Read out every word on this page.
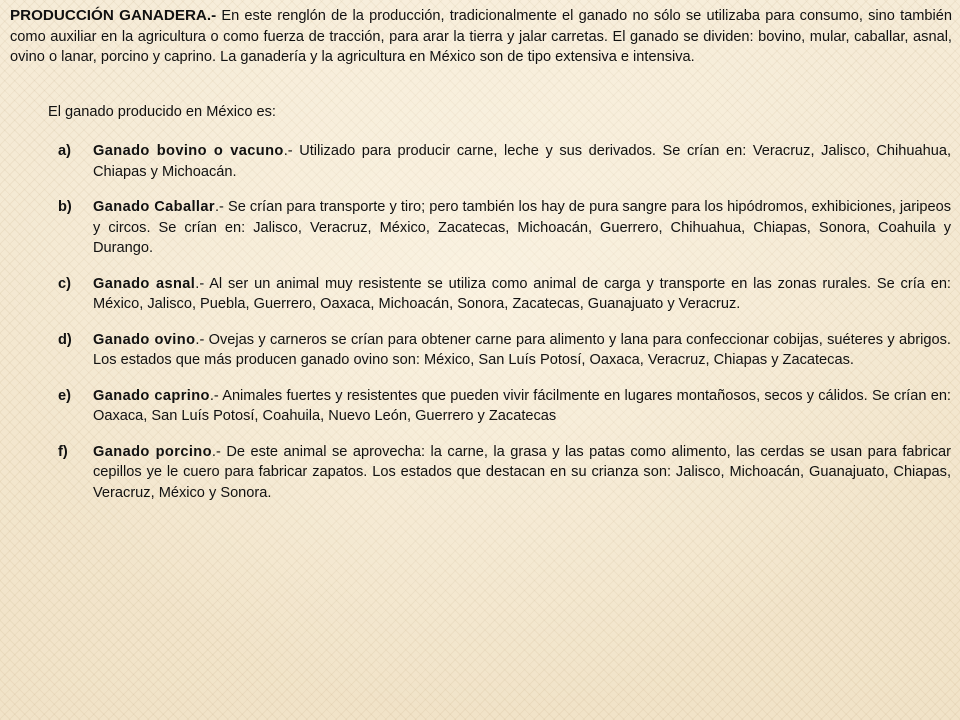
PRODUCCIÓN GANADERA.- En este renglón de la producción, tradicionalmente el ganado no sólo se utilizaba para consumo, sino también como auxiliar en la agricultura o como fuerza de tracción, para arar la tierra y jalar carretas. El ganado se dividen: bovino, mular, caballar, asnal, ovino o lanar, porcino y caprino. La ganadería y la agricultura en México son de tipo extensiva e intensiva.
El ganado producido en México es:
a)	Ganado bovino o vacuno.- Utilizado para producir carne, leche y sus derivados. Se crían en: Veracruz, Jalisco, Chihuahua, Chiapas y Michoacán.
b)	Ganado Caballar.- Se crían para transporte y tiro; pero también los hay de pura sangre para los hipódromos, exhibiciones, jaripeos y circos. Se crían en: Jalisco, Veracruz, México, Zacatecas, Michoacán, Guerrero, Chihuahua, Chiapas, Sonora, Coahuila y Durango.
c)	Ganado asnal.- Al ser un animal muy resistente se utiliza como animal de carga y transporte en las zonas rurales. Se cría en: México, Jalisco, Puebla, Guerrero, Oaxaca, Michoacán, Sonora, Zacatecas, Guanajuato y Veracruz.
d)	Ganado ovino.- Ovejas y carneros se crían para obtener carne para alimento y lana para confeccionar cobijas, suéteres y abrigos. Los estados que más producen ganado ovino son: México, San Luís Potosí, Oaxaca, Veracruz, Chiapas y Zacatecas.
e)	Ganado caprino.- Animales fuertes y resistentes que pueden vivir fácilmente en lugares montañosos, secos y cálidos. Se crían en: Oaxaca, San Luís Potosí, Coahuila, Nuevo León, Guerrero y Zacatecas
f)	Ganado porcino.- De este animal se aprovecha: la carne, la grasa y las patas como alimento, las cerdas se usan para fabricar cepillos ye le cuero para fabricar zapatos. Los estados que destacan en su crianza son: Jalisco, Michoacán, Guanajuato, Chiapas, Veracruz, México y Sonora.
